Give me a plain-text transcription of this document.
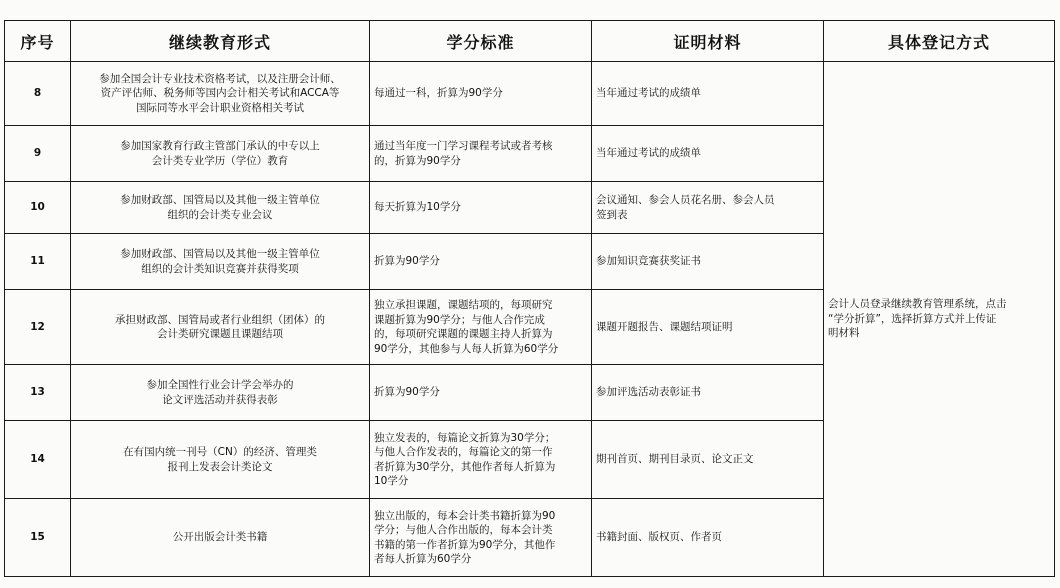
序号	继续教育形式	学分标准	证明材料	具体登记方式
8	参加全国会计专业技术资格考试，以及注册会计师、
资产评估师、税务师等国内会计相关考试和ACCA等
国际同等水平会计职业资格相关考试	每通过一科，折算为90学分	当年通过考试的成绩单	会计人员登录继续教育管理系统，点击
“学分折算”，选择折算方式并上传证
明材料

9	参加国家教育行政主管部门承认的中专以上
会计类专业学历（学位）教育	通过当年度一门学习课程考试或者考核
的，折算为90学分	当年通过考试的成绩单	

10	参加财政部、国管局以及其他一级主管单位
组织的会计类专业会议	每天折算为10学分	会议通知、参会人员花名册、参会人员
签到表	

11	参加财政部、国管局以及其他一级主管单位
组织的会计类知识竞赛并获得奖项	折算为90学分	参加知识竞赛获奖证书	

12	承担财政部、国管局或者行业组织（团体）的
会计类研究课题且课题结项	独立承担课题，课题结项的，每项研究
课题折算为90学分；与他人合作完成
的，每项研究课题的课题主持人折算为
90学分，其他参与人每人折算为60学分	课题开题报告、课题结项证明	

13	参加全国性行业会计学会举办的
论文评选活动并获得表彰	折算为90学分	参加评选活动表彰证书	

14	在有国内统一刊号（CN）的经济、管理类
报刊上发表会计类论文	独立发表的，每篇论文折算为30学分；
与他人合作发表的，每篇论文的第一作
者折算为30学分，其他作者每人折算为
10学分	期刊首页、期刊目录页、论文正文	

15	公开出版会计类书籍	独立出版的，每本会计类书籍折算为90
学分；与他人合作出版的，每本会计类
书籍的第一作者折算为90学分，其他作
者每人折算为60学分	书籍封面、版权页、作者页	
